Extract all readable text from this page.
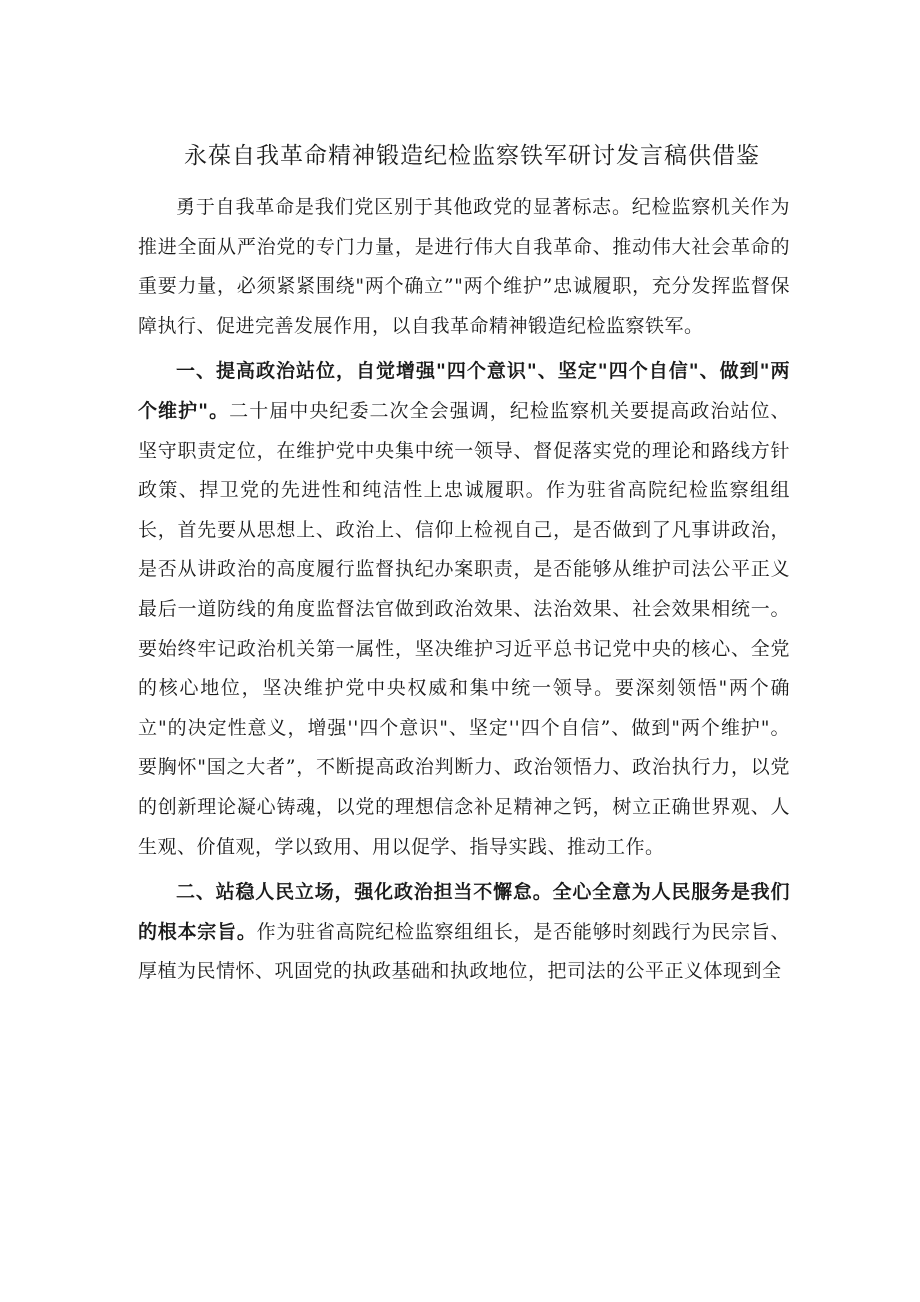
永葆自我革命精神锻造纪检监察铁军研讨发言稿供借鉴

勇于自我革命是我们党区别于其他政党的显著标志。纪检监察机关作为推进全面从严治党的专门力量，是进行伟大自我革命、推动伟大社会革命的重要力量，必须紧紧围绕"两个确立”"两个维护”忠诚履职，充分发挥监督保障执行、促进完善发展作用，以自我革命精神锻造纪检监察铁军。

一、提高政治站位，自觉增强"四个意识"、坚定"四个自信"、做到"两个维护"。二十届中央纪委二次全会强调，纪检监察机关要提高政治站位、坚守职责定位，在维护党中央集中统一领导、督促落实党的理论和路线方针政策、捍卫党的先进性和纯洁性上忠诚履职。作为驻省高院纪检监察组组长，首先要从思想上、政治上、信仰上检视自己，是否做到了凡事讲政治，是否从讲政治的高度履行监督执纪办案职责，是否能够从维护司法公平正义最后一道防线的角度监督法官做到政治效果、法治效果、社会效果相统一。要始终牢记政治机关第一属性，坚决维护习近平总书记党中央的核心、全党的核心地位，坚决维护党中央权威和集中统一领导。要深刻领悟"两个确立"的决定性意义，增强''四个意识"、坚定''四个自信”、做到"两个维护"。要胸怀"国之大者”，不断提高政治判断力、政治领悟力、政治执行力，以党的创新理论凝心铸魂，以党的理想信念补足精神之钙，树立正确世界观、人生观、价值观，学以致用、用以促学、指导实践、推动工作。

二、站稳人民立场，强化政治担当不懈怠。全心全意为人民服务是我们的根本宗旨。作为驻省高院纪检监察组组长，是否能够时刻践行为民宗旨、厚植为民情怀、巩固党的执政基础和执政地位，把司法的公平正义体现到全
